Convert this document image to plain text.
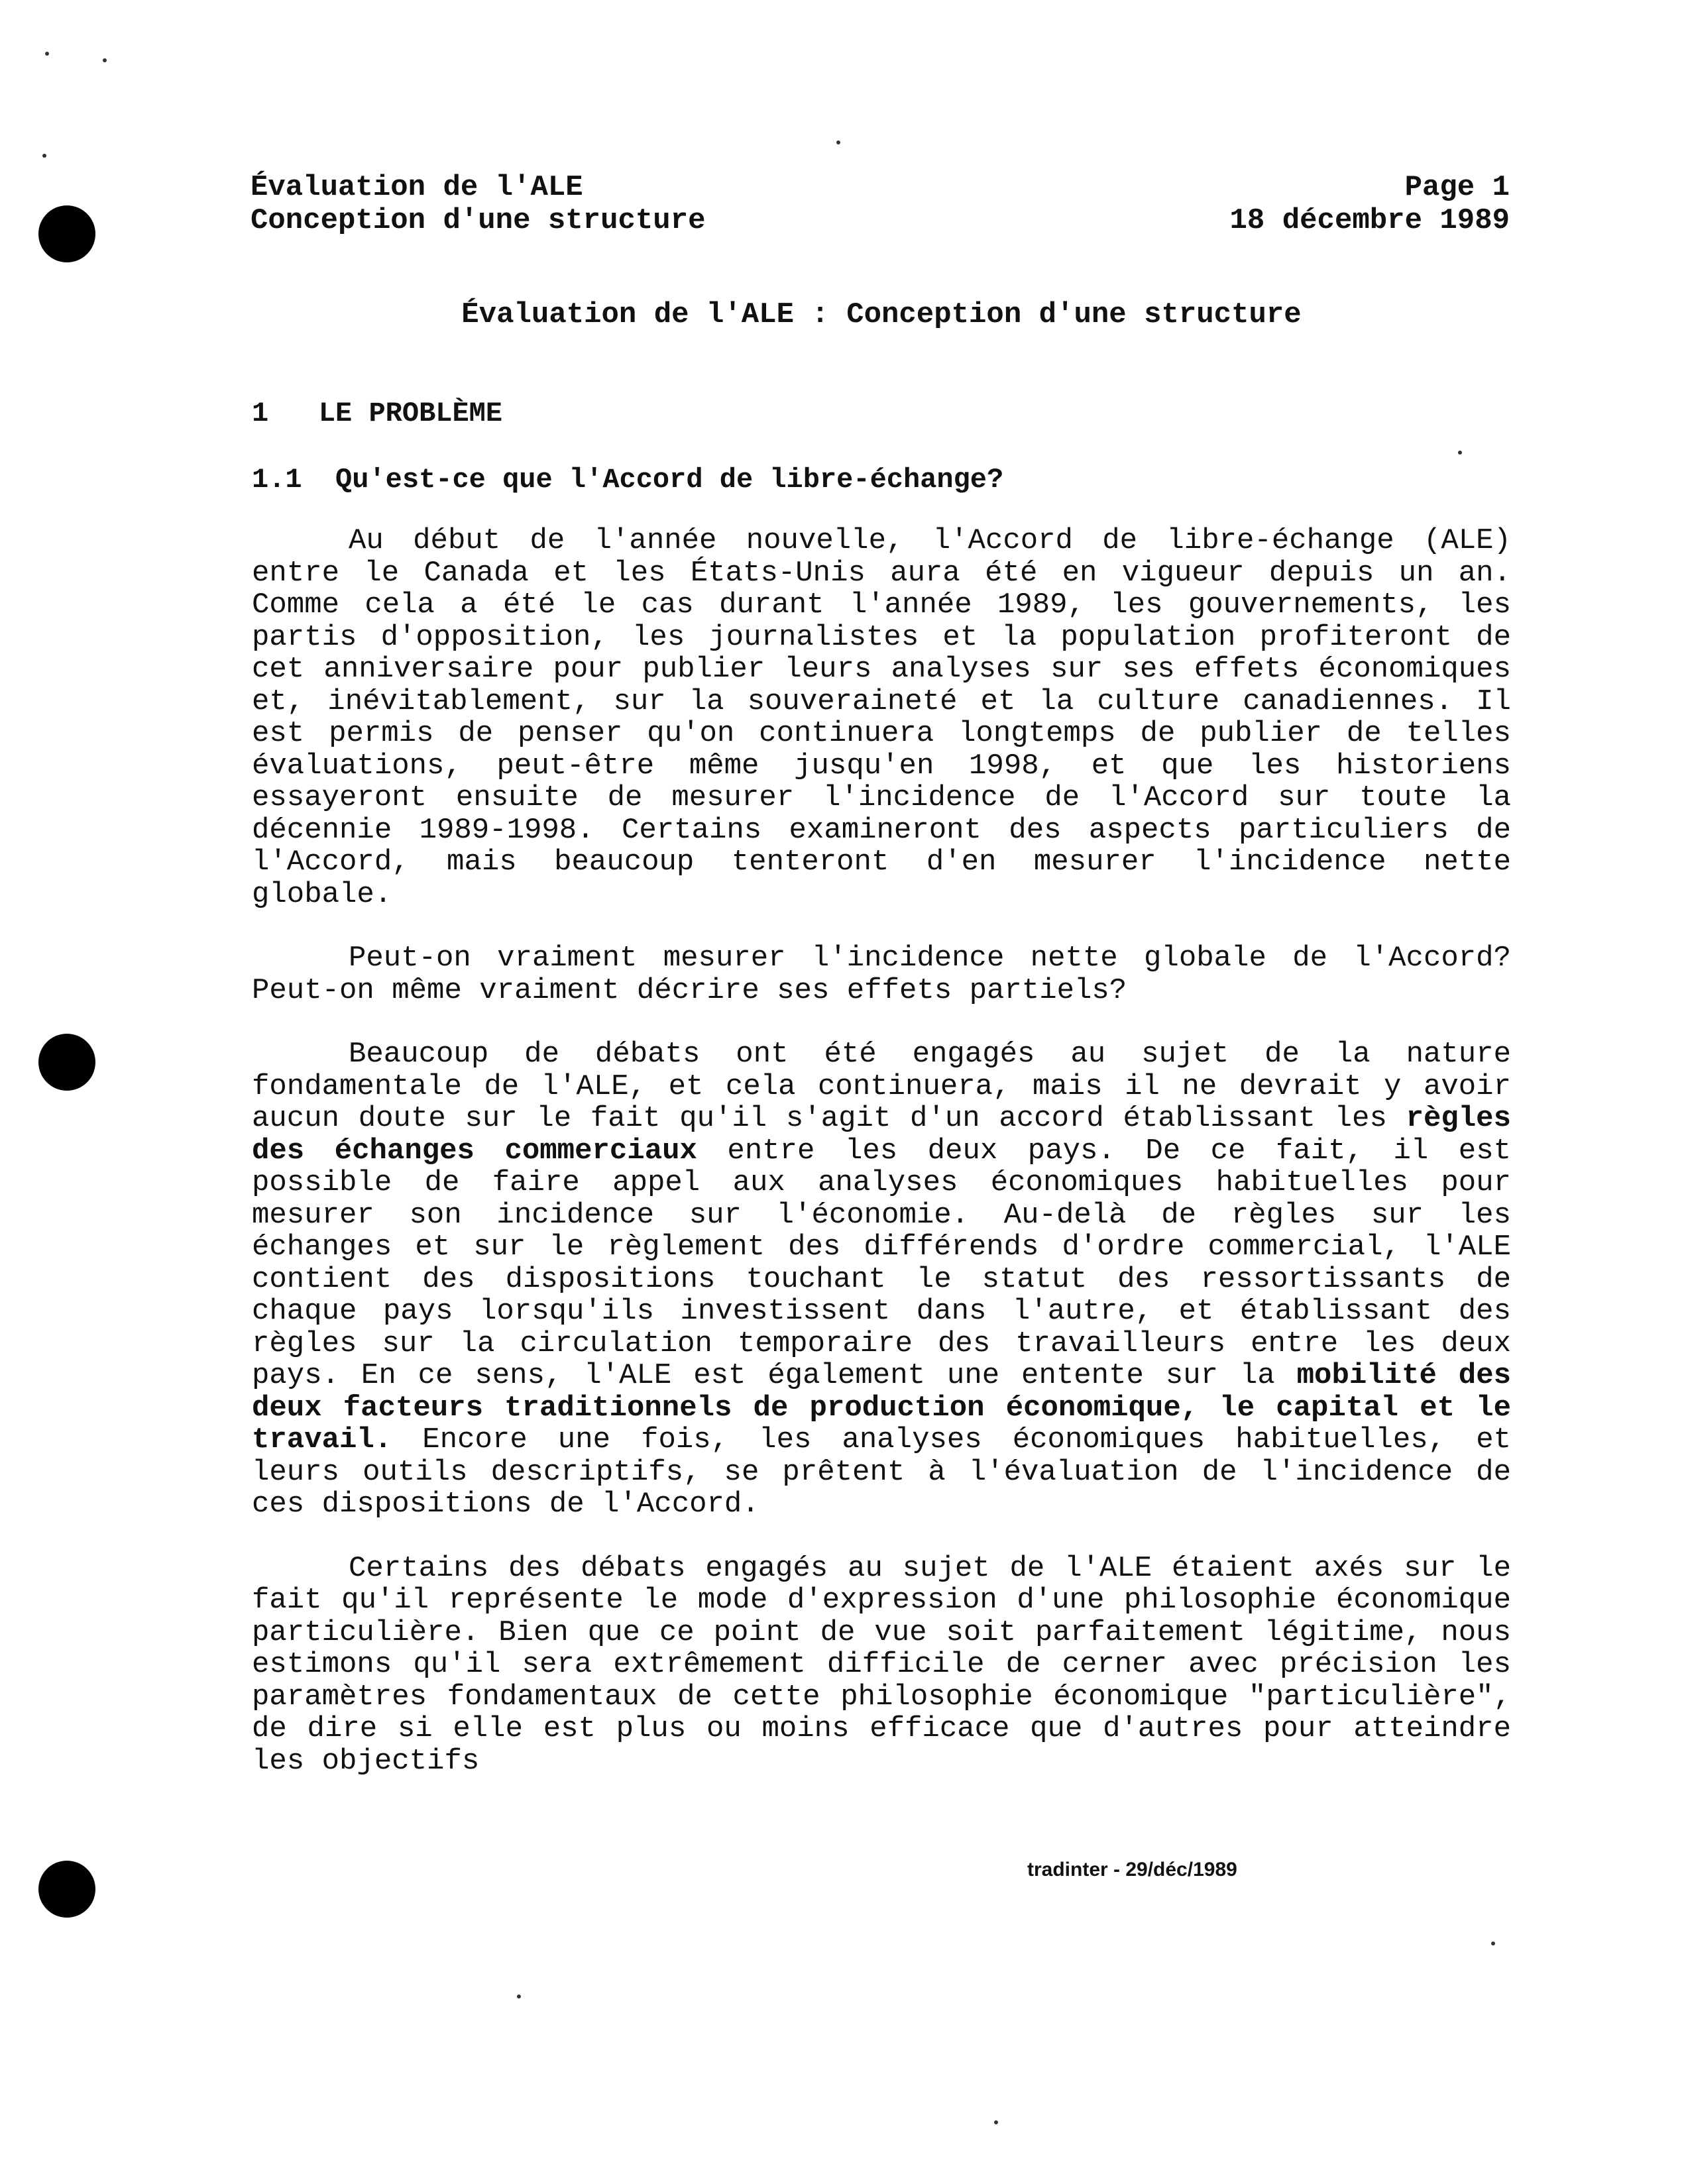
Évaluation de l'ALE
Conception d'une structure
Page 1
18 décembre 1989
Évaluation de l'ALE : Conception d'une structure
1 LE PROBLÈME
1.1 Qu'est-ce que l'Accord de libre-échange?

Au début de l'année nouvelle, l'Accord de libre-échange (ALE) entre le Canada et les États-Unis aura été en vigueur depuis un an. Comme cela a été le cas durant l'année 1989, les gouvernements, les partis d'opposition, les journalistes et la population profiteront de cet anniversaire pour publier leurs analyses sur ses effets économiques et, inévitablement, sur la souveraineté et la culture canadiennes. Il est permis de penser qu'on continuera longtemps de publier de telles évaluations, peut-être même jusqu'en 1998, et que les historiens essayeront ensuite de mesurer l'incidence de l'Accord sur toute la décennie 1989-1998. Certains examineront des aspects particuliers de l'Accord, mais beaucoup tenteront d'en mesurer l'incidence nette globale.

Peut-on vraiment mesurer l'incidence nette globale de l'Accord? Peut-on même vraiment décrire ses effets partiels?

Beaucoup de débats ont été engagés au sujet de la nature fondamentale de l'ALE, et cela continuera, mais il ne devrait y avoir aucun doute sur le fait qu'il s'agit d'un accord établissant les règles des échanges commerciaux entre les deux pays. De ce fait, il est possible de faire appel aux analyses économiques habituelles pour mesurer son incidence sur l'économie. Au-delà de règles sur les échanges et sur le règlement des différends d'ordre commercial, l'ALE contient des dispositions touchant le statut des ressortissants de chaque pays lorsqu'ils investissent dans l'autre, et établissant des règles sur la circulation temporaire des travailleurs entre les deux pays. En ce sens, l'ALE est également une entente sur la mobilité des deux facteurs traditionnels de production économique, le capital et le travail. Encore une fois, les analyses économiques habituelles, et leurs outils descriptifs, se prêtent à l'évaluation de l'incidence de ces dispositions de l'Accord.

Certains des débats engagés au sujet de l'ALE étaient axés sur le fait qu'il représente le mode d'expression d'une philosophie économique particulière. Bien que ce point de vue soit parfaitement légitime, nous estimons qu'il sera extrêmement difficile de cerner avec précision les paramètres fondamentaux de cette philosophie économique "particulière", de dire si elle est plus ou moins efficace que d'autres pour atteindre les objectifs

tradinter - 29/déc/1989
